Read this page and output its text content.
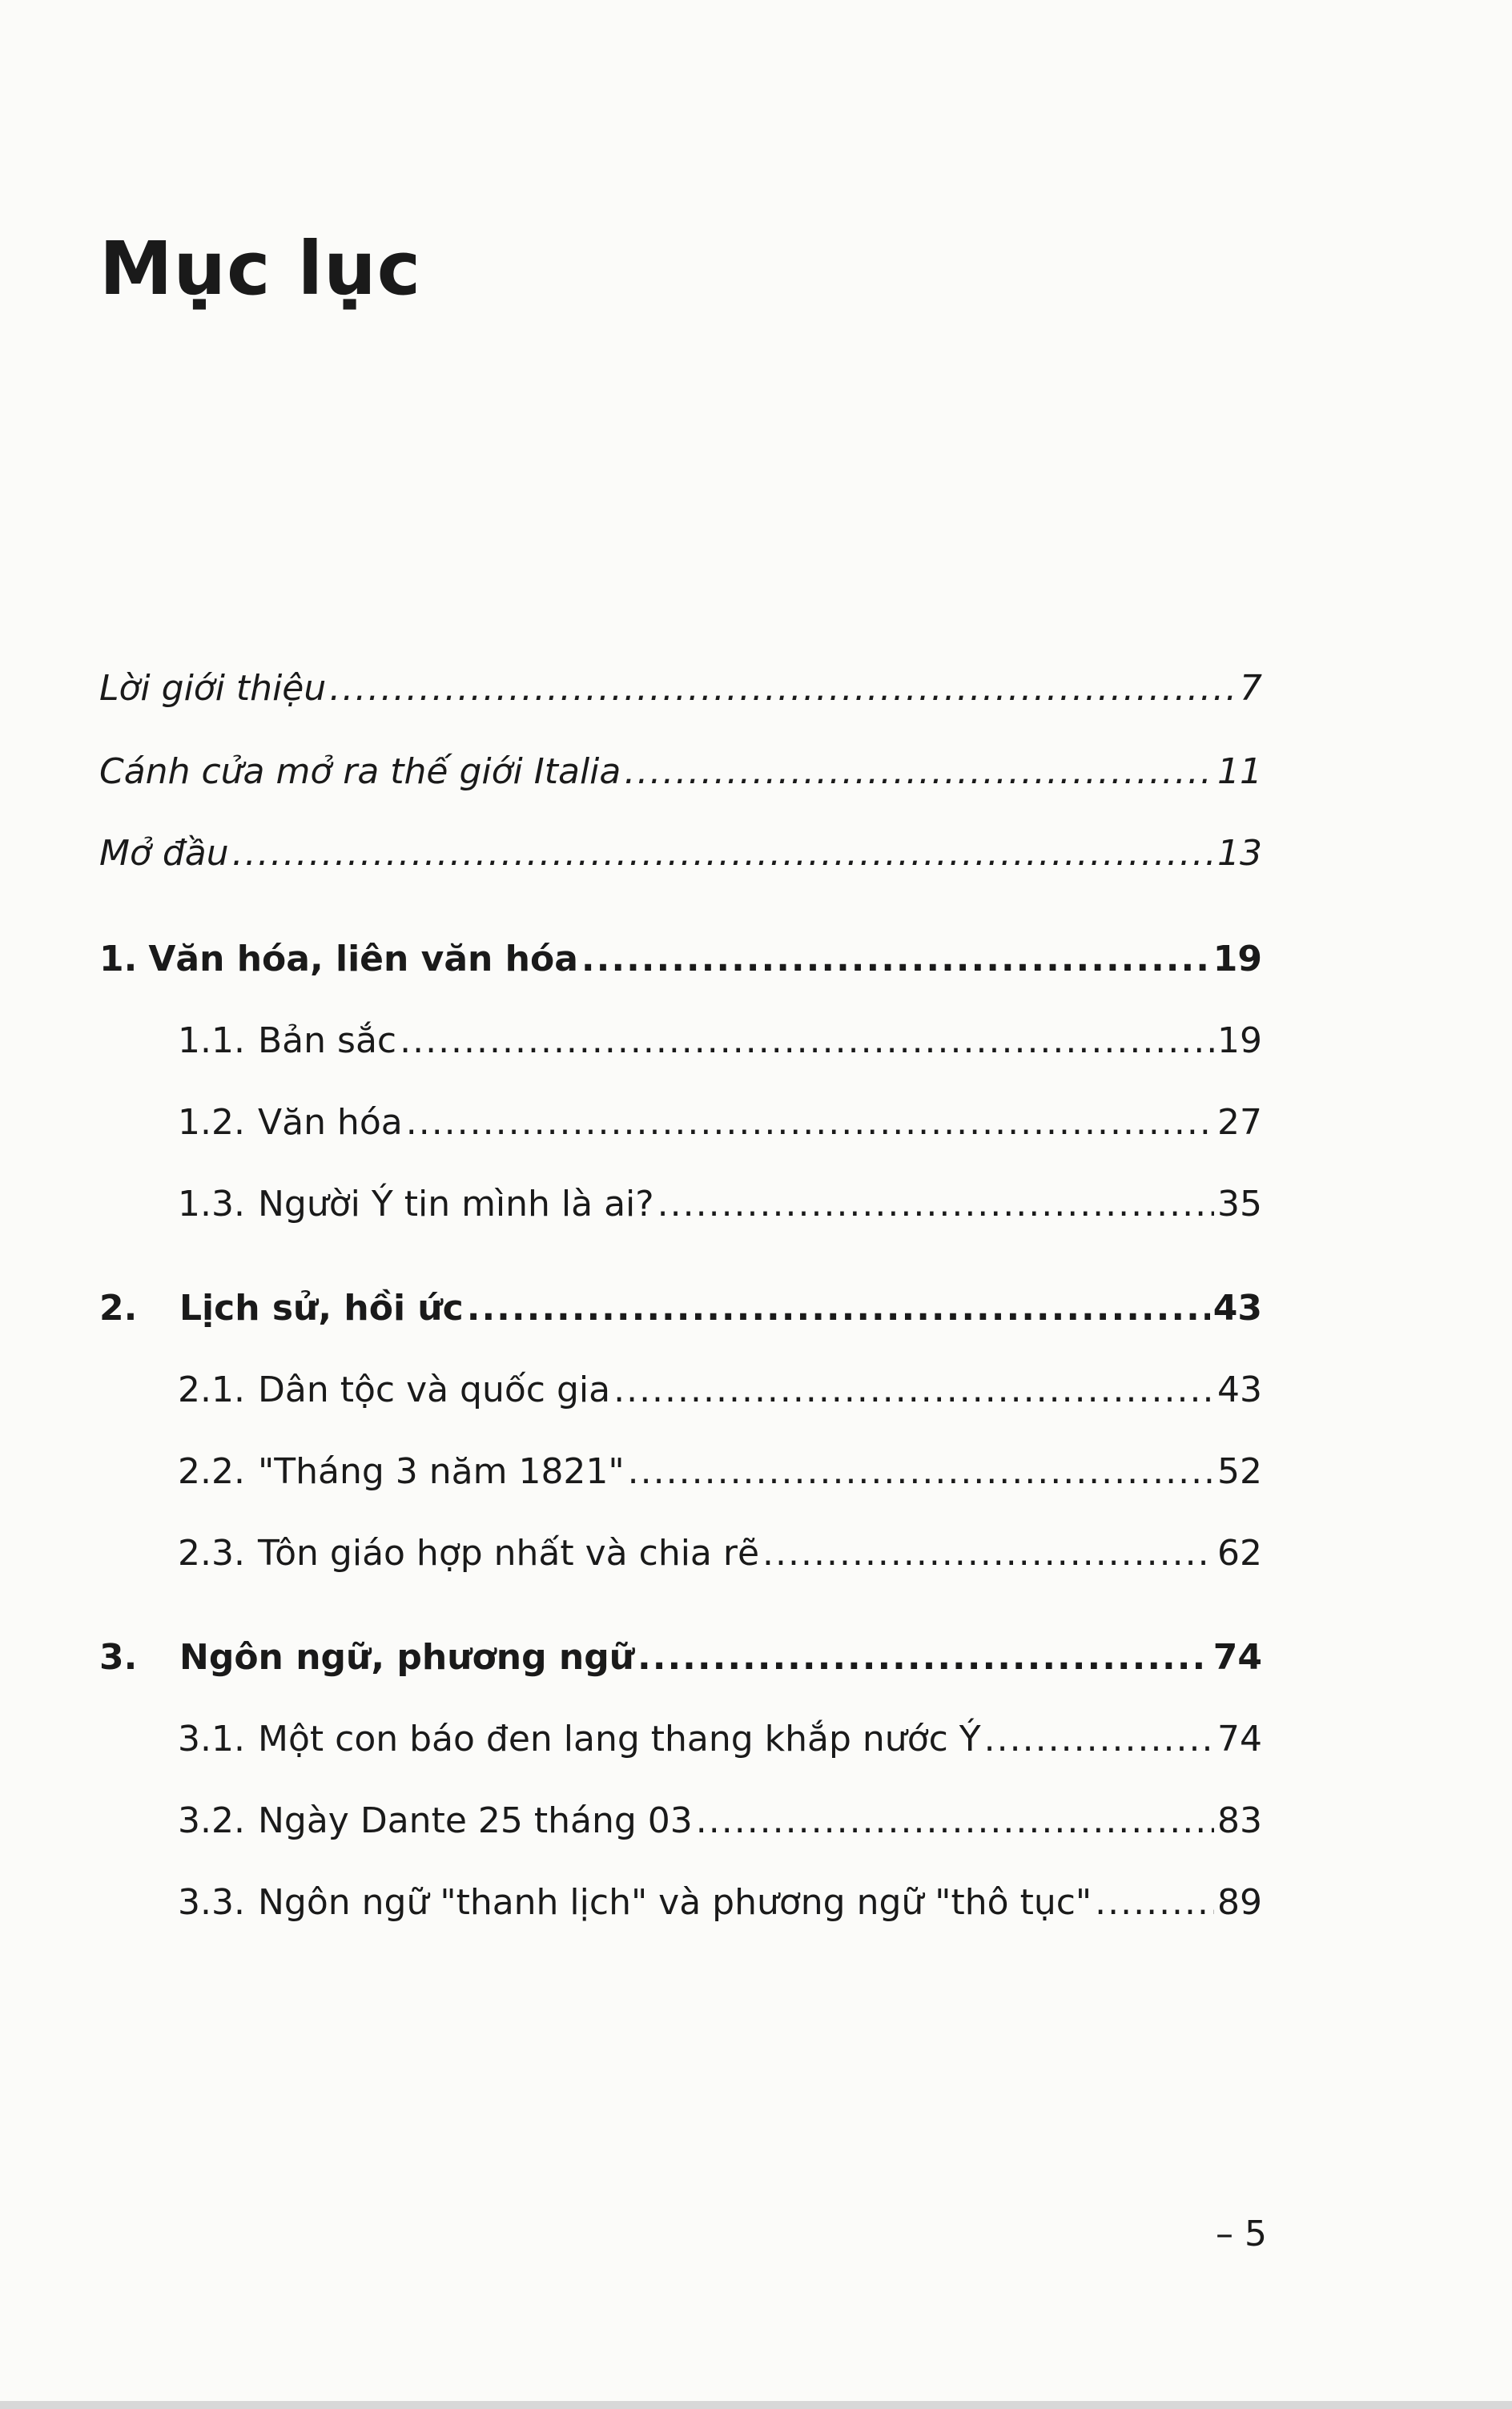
Mục lục
Lời giới thiệu .....	7
Cánh cửa mở ra thế giới Italia .....	11
Mở đầu .....	13
1. Văn hóa, liên văn hóa .....	19
1.1. Bản sắc .....	19
1.2. Văn hóa .....	27
1.3. Người Ý tin mình là ai? .....	35
2.	Lịch sử, hồi ức .....	43
2.1. Dân tộc và quốc gia .....	43
2.2. "Tháng 3 năm 1821" .....	52
2.3. Tôn giáo hợp nhất và chia rẽ .....	62
3.	Ngôn ngữ, phương ngữ .....	74
3.1. Một con báo đen lang thang khắp nước Ý .....	74
3.2. Ngày Dante 25 tháng 03 .....	83
3.3. Ngôn ngữ "thanh lịch" và phương ngữ "thô tục" .....	89
– 5
